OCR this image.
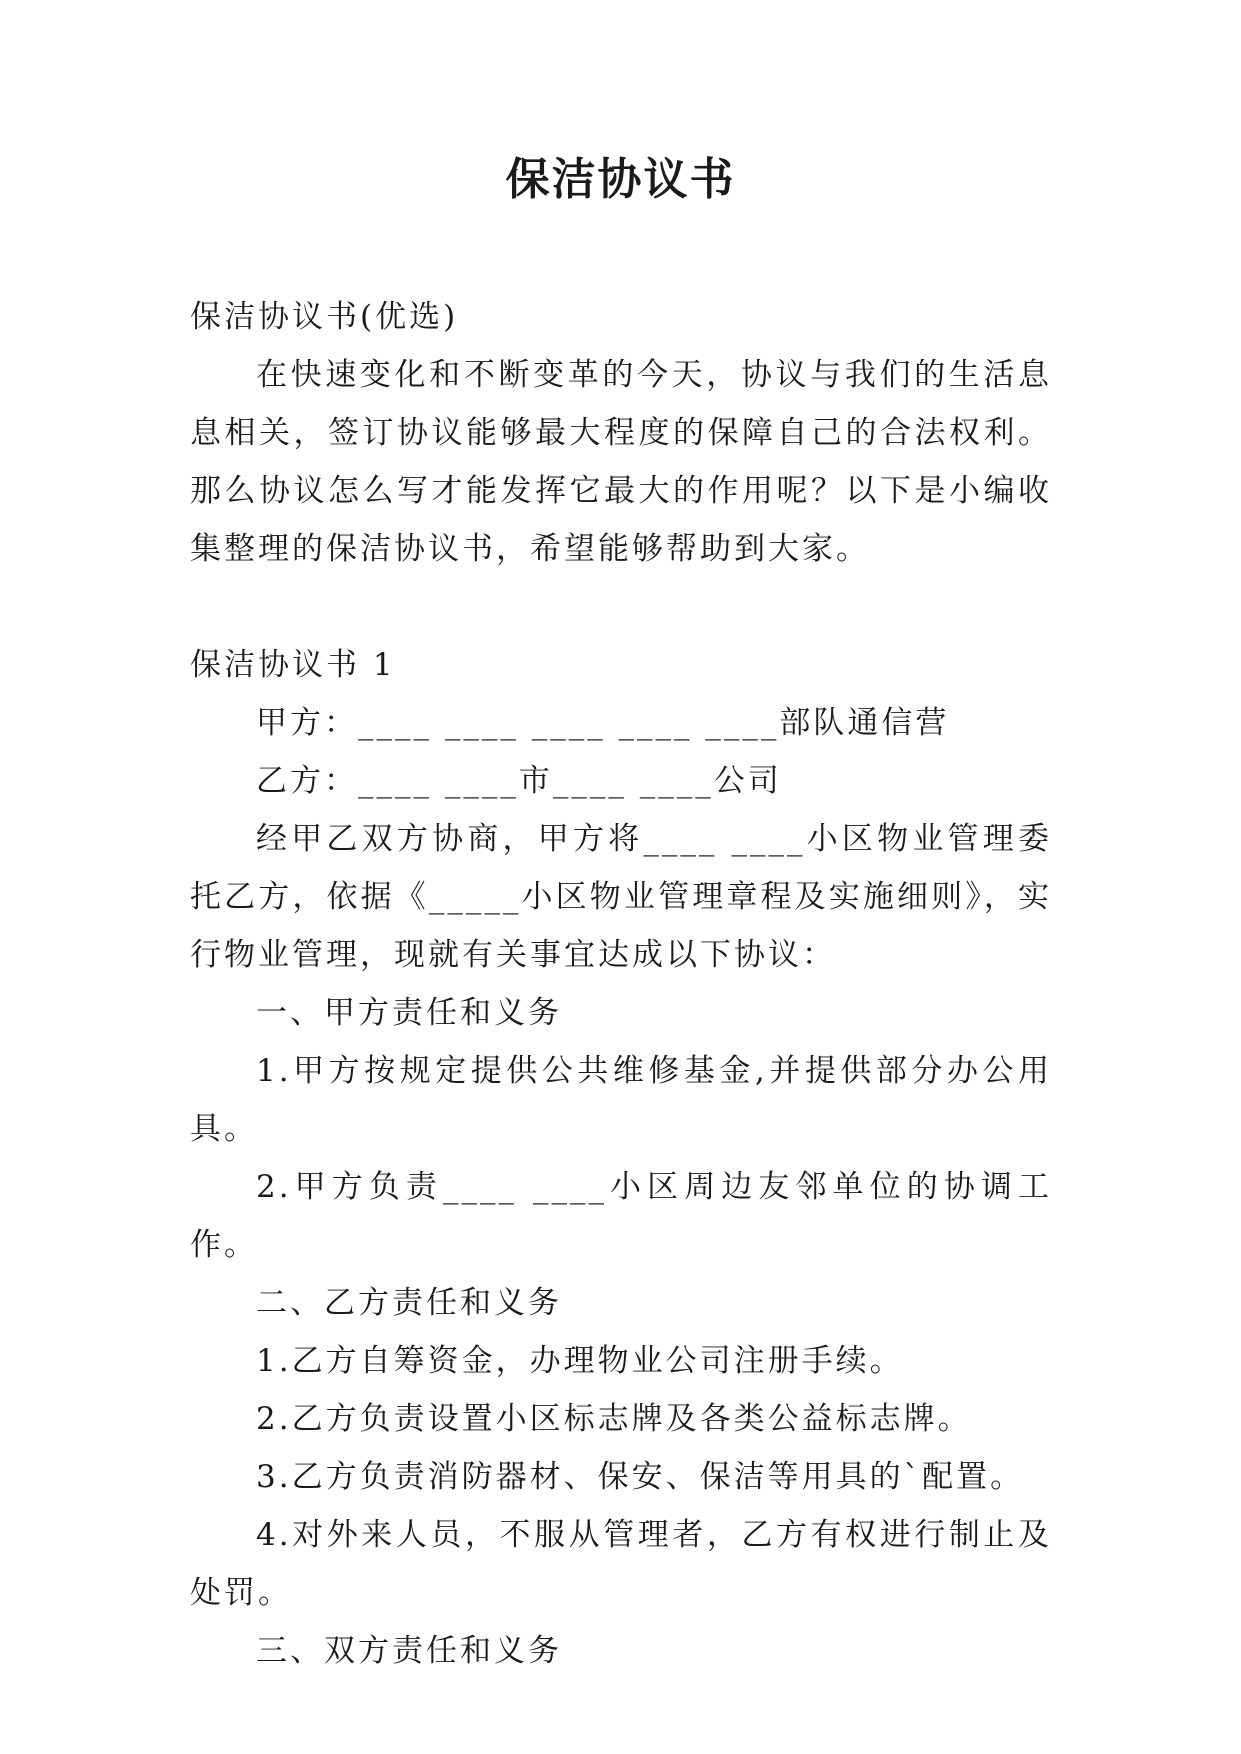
保洁协议书

保洁协议书(优选)

在快速变化和不断变革的今天，协议与我们的生活息息相关，签订协议能够最大程度的保障自己的合法权利。那么协议怎么写才能发挥它最大的作用呢？以下是小编收集整理的保洁协议书，希望能够帮助到大家。

保洁协议书 1

甲方：____ ____ ____ ____ ____部队通信营

乙方：____ ____市____ ____公司

经甲乙双方协商，甲方将____ ____小区物业管理委托乙方，依据《_____小区物业管理章程及实施细则》，实行物业管理，现就有关事宜达成以下协议：

一、甲方责任和义务

1.甲方按规定提供公共维修基金,并提供部分办公用具。

2.甲方负责____ ____小区周边友邻单位的协调工作。

二、乙方责任和义务

1.乙方自筹资金，办理物业公司注册手续。

2.乙方负责设置小区标志牌及各类公益标志牌。

3.乙方负责消防器材、保安、保洁等用具的`配置。

4.对外来人员，不服从管理者，乙方有权进行制止及处罚。

三、双方责任和义务
